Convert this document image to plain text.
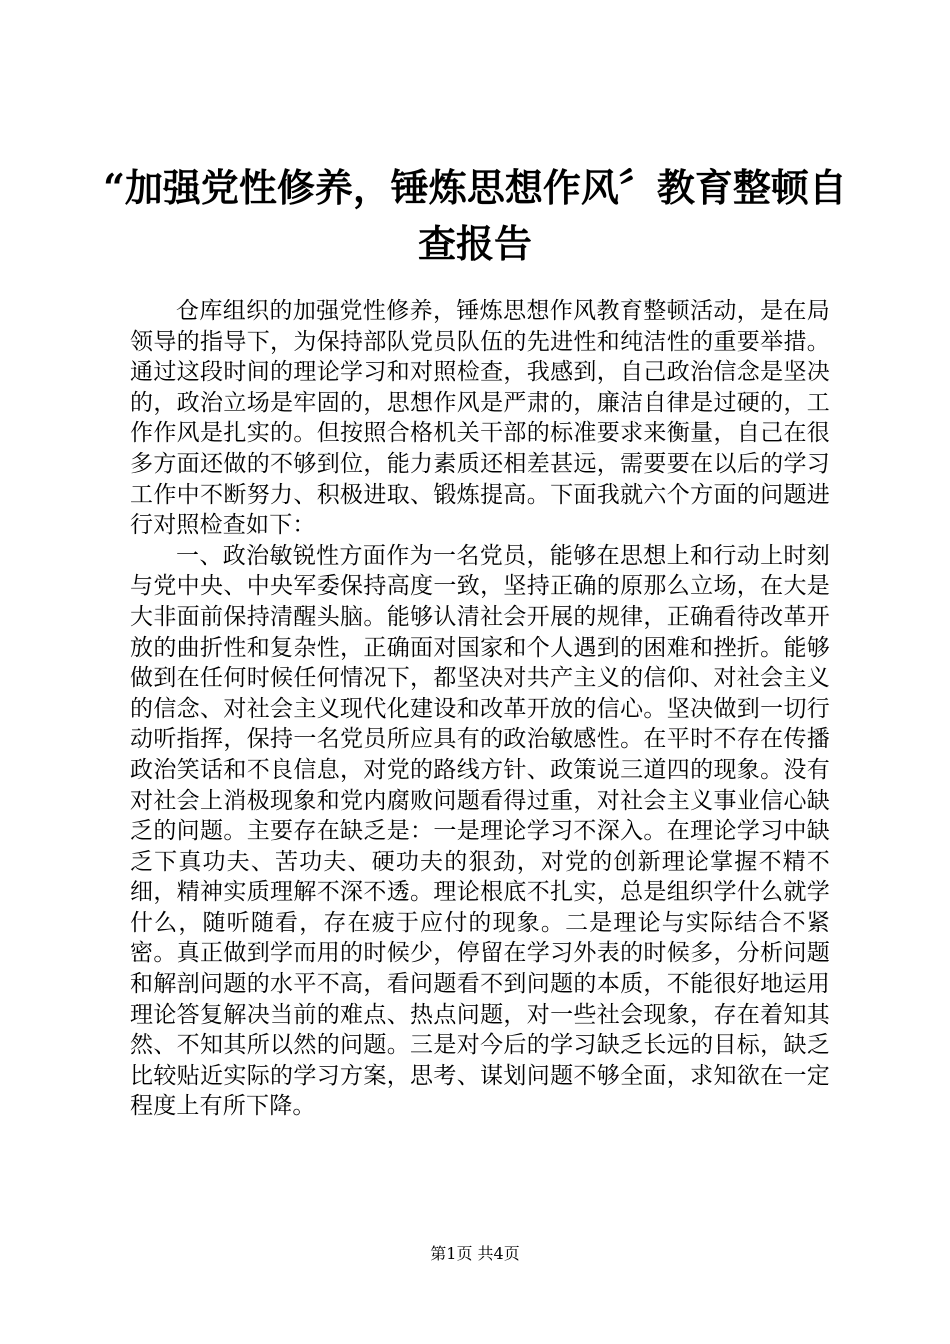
“加强党性修养，锤炼思想作风〞教育整顿自查报告

仓库组织的加强党性修养，锤炼思想作风教育整顿活动，是在局领导的指导下，为保持部队党员队伍的先进性和纯洁性的重要举措。通过这段时间的理论学习和对照检查，我感到，自己政治信念是坚决的，政治立场是牢固的，思想作风是严肃的，廉洁自律是过硬的，工作作风是扎实的。但按照合格机关干部的标准要求来衡量，自己在很多方面还做的不够到位，能力素质还相差甚远，需要要在以后的学习工作中不断努力、积极进取、锻炼提高。下面我就六个方面的问题进行对照检查如下：

一、政治敏锐性方面作为一名党员，能够在思想上和行动上时刻与党中央、中央军委保持高度一致，坚持正确的原那么立场，在大是大非面前保持清醒头脑。能够认清社会开展的规律，正确看待改革开放的曲折性和复杂性，正确面对国家和个人遇到的困难和挫折。能够做到在任何时候任何情况下，都坚决对共产主义的信仰、对社会主义的信念、对社会主义现代化建设和改革开放的信心。坚决做到一切行动听指挥，保持一名党员所应具有的政治敏感性。在平时不存在传播政治笑话和不良信息，对党的路线方针、政策说三道四的现象。没有对社会上消极现象和党内腐败问题看得过重，对社会主义事业信心缺乏的问题。主要存在缺乏是：一是理论学习不深入。在理论学习中缺乏下真功夫、苦功夫、硬功夫的狠劲，对党的创新理论掌握不精不细，精神实质理解不深不透。理论根底不扎实，总是组织学什么就学什么，随听随看，存在疲于应付的现象。二是理论与实际结合不紧密。真正做到学而用的时候少，停留在学习外表的时候多，分析问题和解剖问题的水平不高，看问题看不到问题的本质，不能很好地运用理论答复解决当前的难点、热点问题，对一些社会现象，存在着知其然、不知其所以然的问题。三是对今后的学习缺乏长远的目标，缺乏比较贴近实际的学习方案，思考、谋划问题不够全面，求知欲在一定程度上有所下降。

第1页 共4页
